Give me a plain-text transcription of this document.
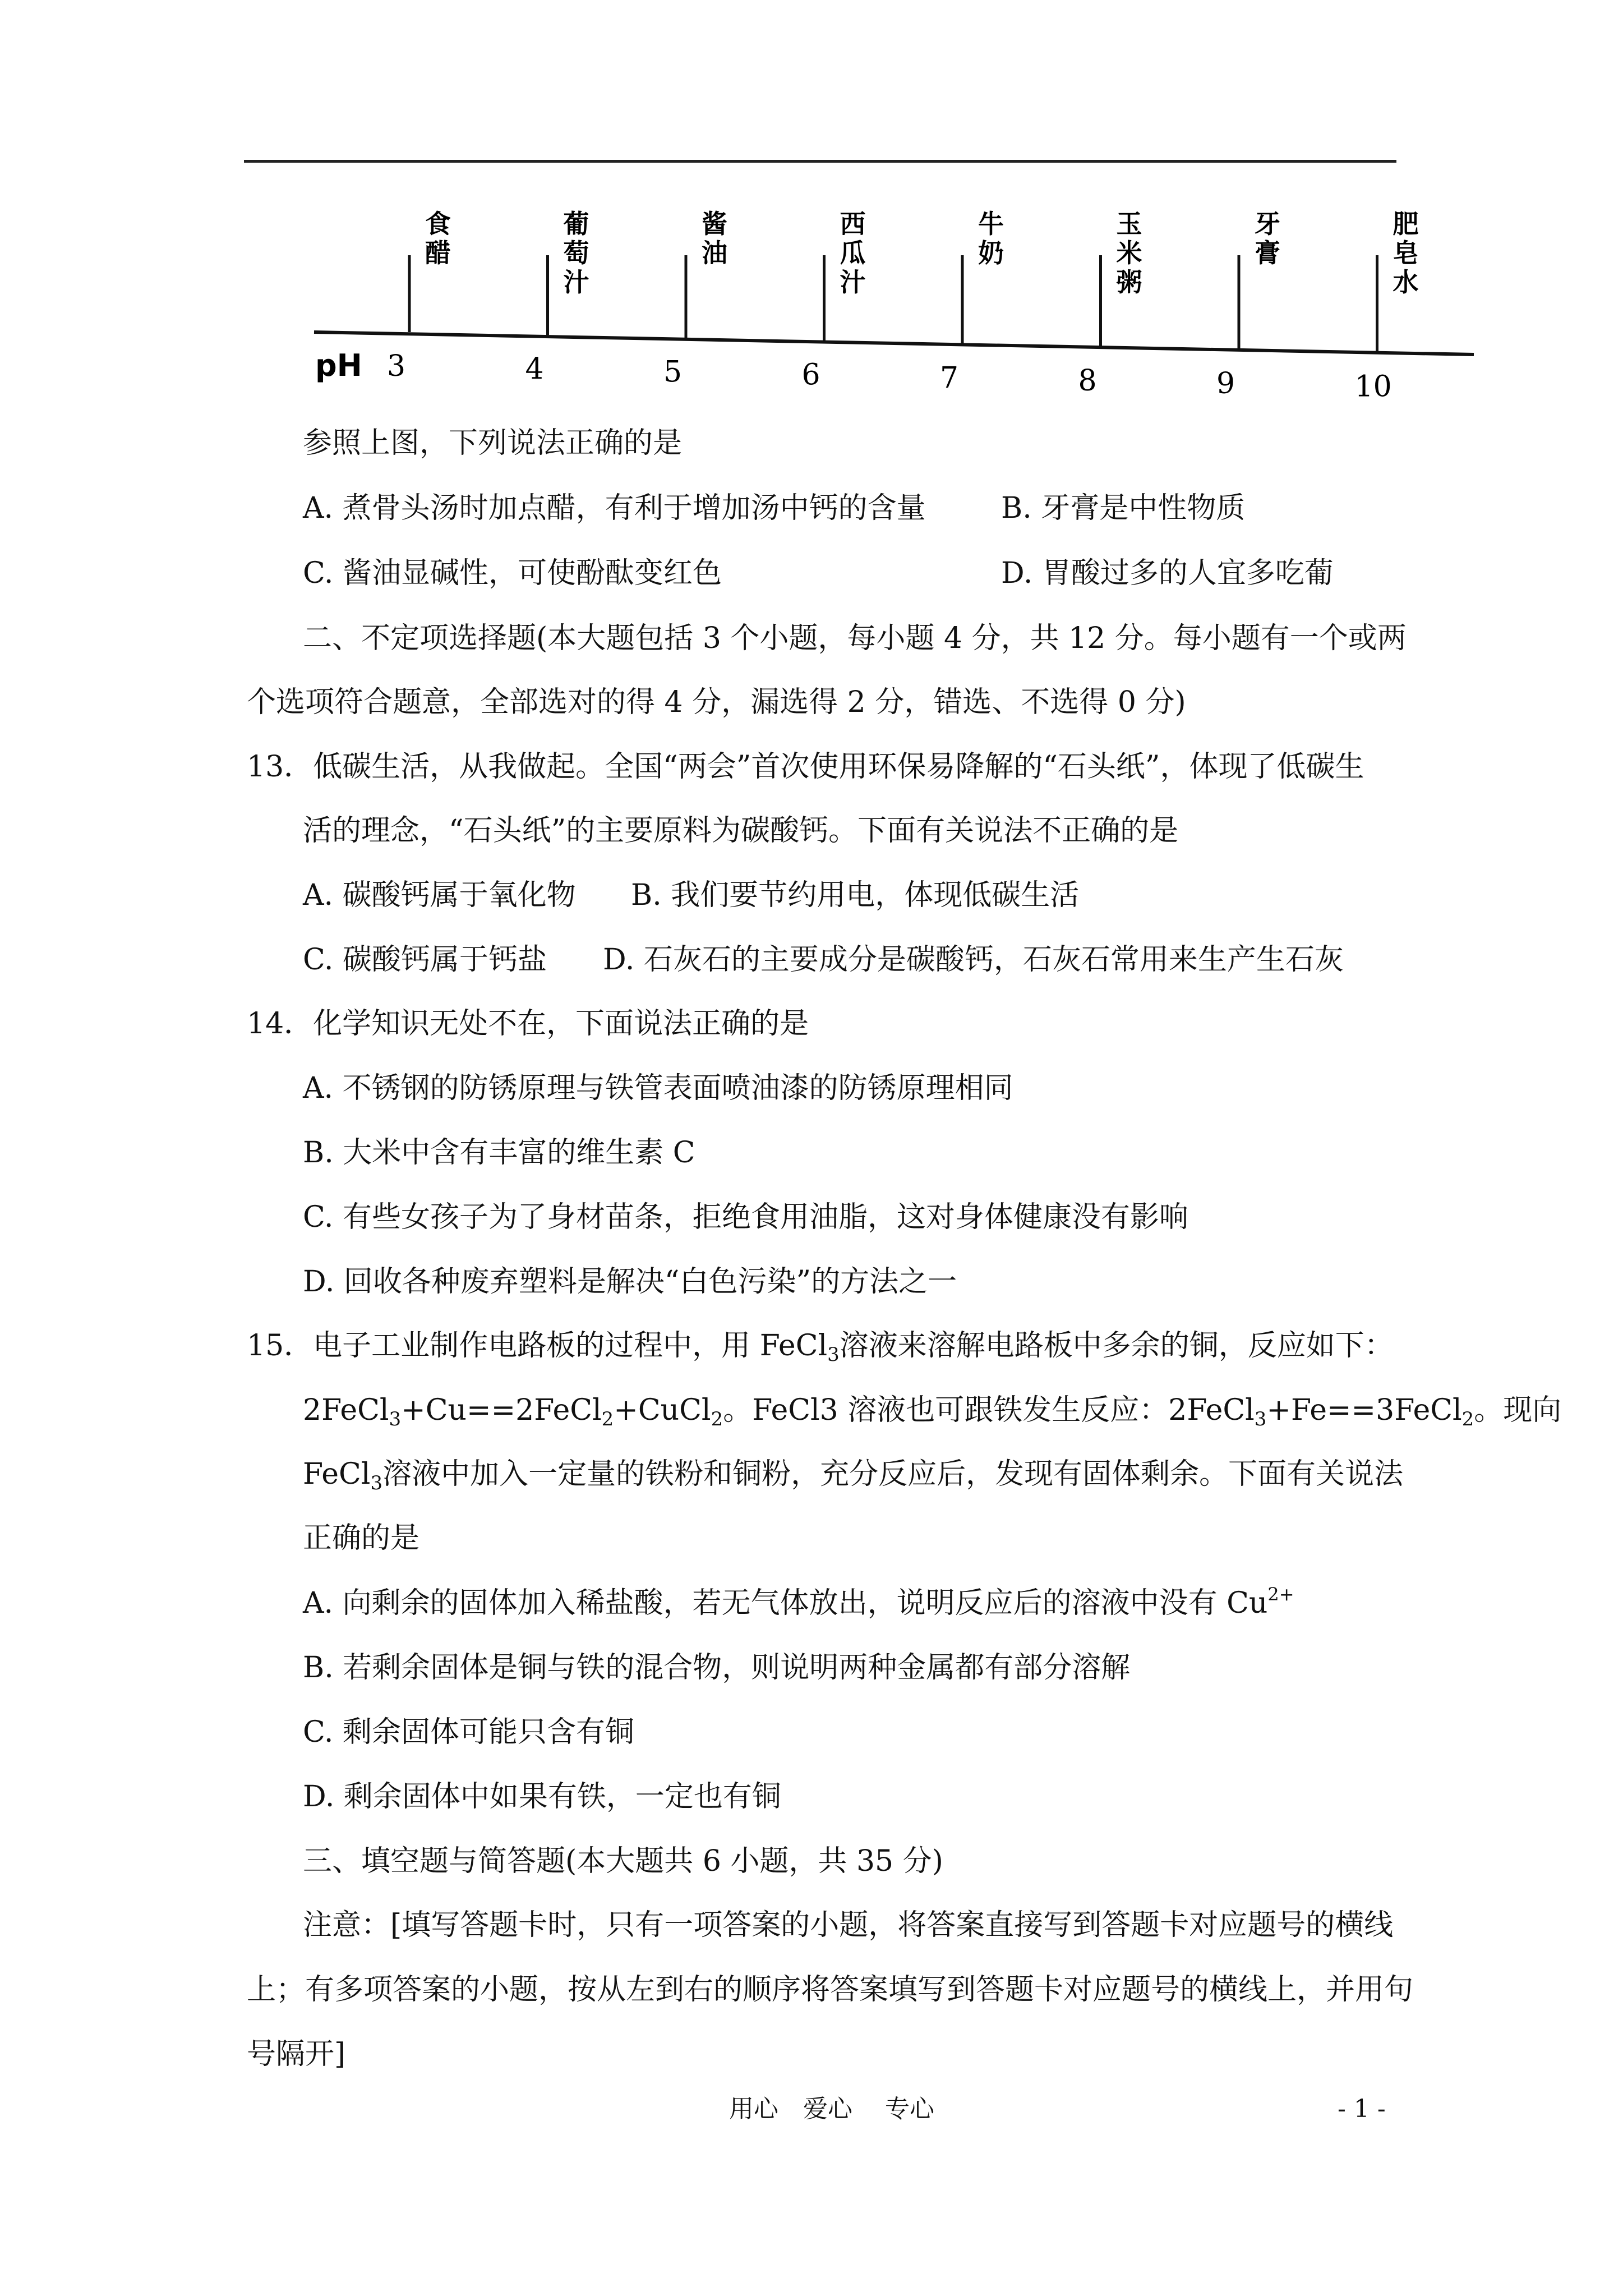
pH 3	4	5	6	7	8	9	10
食醋
葡萄汁
酱油
西瓜汁
牛奶
玉米粥
牙膏
肥皂水
参照上图，下列说法正确的是
A. 煮骨头汤时加点醋，有利于增加汤中钙的含量	B. 牙膏是中性物质
C. 酱油显碱性，可使酚酞变红色	D. 胃酸过多的人宜多吃葡
二、不定项选择题(本大题包括 3 个小题，每小题 4 分，共 12 分。每小题有一个或两
个选项符合题意，全部选对的得 4 分，漏选得 2 分，错选、不选得 0 分)
13．低碳生活，从我做起。全国“两会”首次使用环保易降解的“石头纸”，体现了低碳生
活的理念，“石头纸”的主要原料为碳酸钙。下面有关说法不正确的是
A. 碳酸钙属于氧化物 B. 我们要节约用电，体现低碳生活
C. 碳酸钙属于钙盐 D. 石灰石的主要成分是碳酸钙，石灰石常用来生产生石灰
14．化学知识无处不在，下面说法正确的是
A. 不锈钢的防锈原理与铁管表面喷油漆的防锈原理相同
B. 大米中含有丰富的维生素 C
C. 有些女孩子为了身材苗条，拒绝食用油脂，这对身体健康没有影响
D. 回收各种废弃塑料是解决“白色污染”的方法之一
15．电子工业制作电路板的过程中，用 FeCl$_3$溶液来溶解电路板中多余的铜，反应如下：
2FeCl$_3$+Cu==2FeCl$_2$+CuCl$_2$。FeCl3 溶液也可跟铁发生反应：2FeCl$_3$+Fe==3FeCl$_2$。现向
FeCl$_3$溶液中加入一定量的铁粉和铜粉，充分反应后，发现有固体剩余。下面有关说法
正确的是
A. 向剩余的固体加入稀盐酸，若无气体放出，说明反应后的溶液中没有 $Cu^{2+}$
B. 若剩余固体是铜与铁的混合物，则说明两种金属都有部分溶解
C. 剩余固体可能只含有铜
D. 剩余固体中如果有铁，一定也有铜
三、填空题与简答题(本大题共 6 小题，共 35 分)
注意：[填写答题卡时，只有一项答案的小题，将答案直接写到答题卡对应题号的横线
上；有多项答案的小题，按从左到右的顺序将答案填写到答题卡对应题号的横线上，并用句
号隔开]
用心　爱心　 专心	- 1 -
